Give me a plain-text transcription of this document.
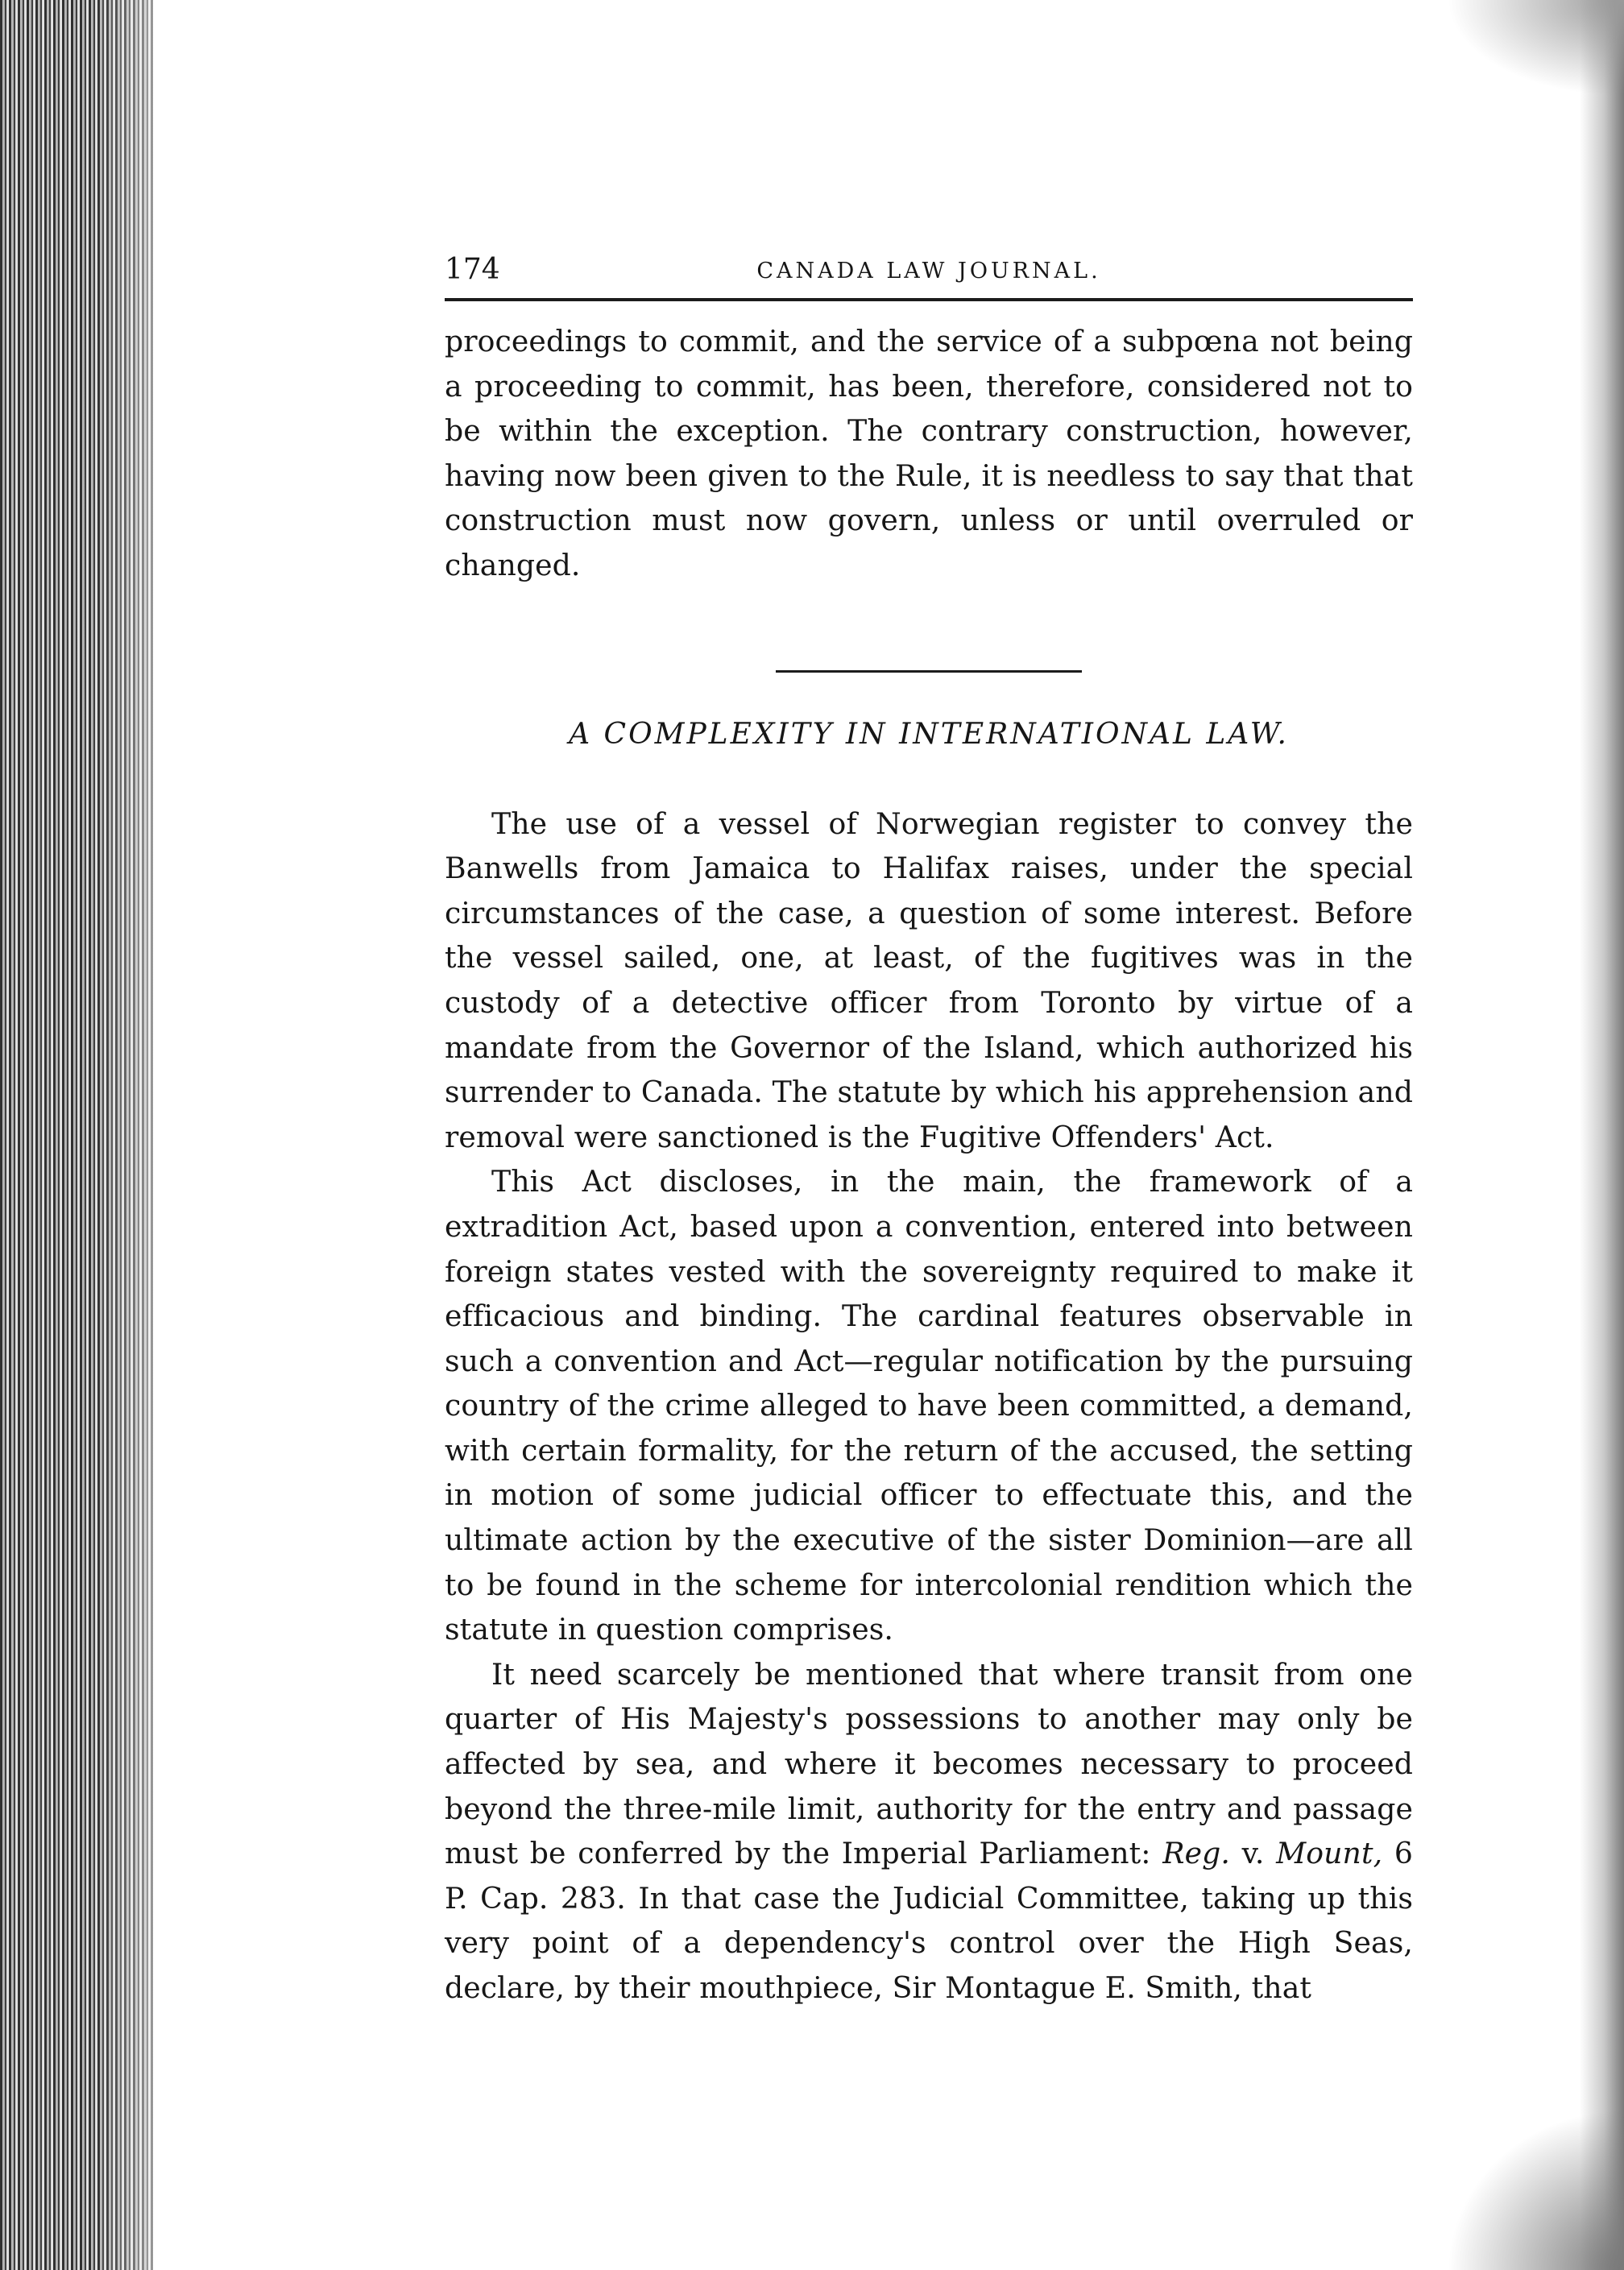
174	CANADA LAW JOURNAL.

proceedings to commit, and the service of a subpœna not being a proceeding to commit, has been, therefore, considered not to be within the exception. The contrary construction, however, having now been given to the Rule, it is needless to say that that construction must now govern, unless or until overruled or changed.

A COMPLEXITY IN INTERNATIONAL LAW.

The use of a vessel of Norwegian register to convey the Banwells from Jamaica to Halifax raises, under the special circumstances of the case, a question of some interest. Before the vessel sailed, one, at least, of the fugitives was in the custody of a detective officer from Toronto by virtue of a mandate from the Governor of the Island, which authorized his surrender to Canada. The statute by which his apprehension and removal were sanctioned is the Fugitive Offenders' Act.

This Act discloses, in the main, the framework of a extradition Act, based upon a convention, entered into between foreign states vested with the sovereignty required to make it efficacious and binding. The cardinal features observable in such a convention and Act—regular notification by the pursuing country of the crime alleged to have been committed, a demand, with certain formality, for the return of the accused, the setting in motion of some judicial officer to effectuate this, and the ultimate action by the executive of the sister Dominion—are all to be found in the scheme for intercolonial rendition which the statute in question comprises.

It need scarcely be mentioned that where transit from one quarter of His Majesty's possessions to another may only be affected by sea, and where it becomes necessary to proceed beyond the three-mile limit, authority for the entry and passage must be conferred by the Imperial Parliament: Reg. v. Mount, 6 P. Cap. 283. In that case the Judicial Committee, taking up this very point of a dependency's control over the High Seas, declare, by their mouthpiece, Sir Montague E. Smith, that
